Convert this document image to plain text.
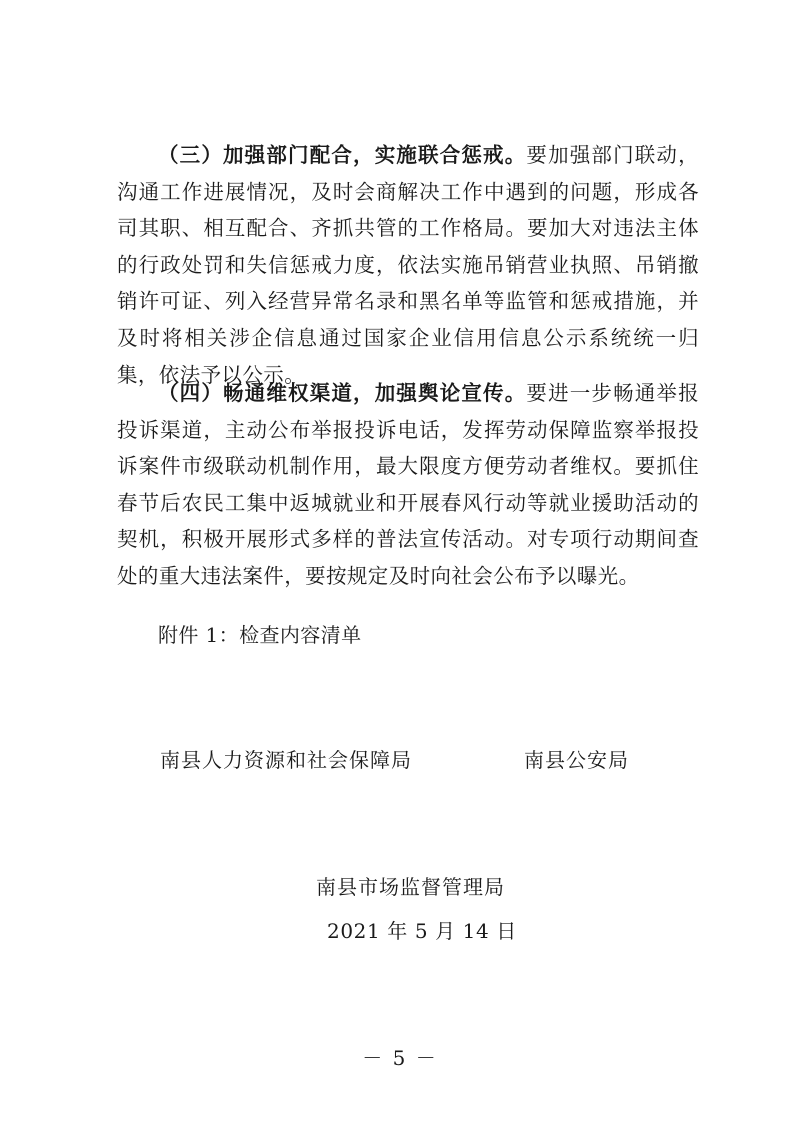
（三）加强部门配合，实施联合惩戒。要加强部门联动，沟通工作进展情况，及时会商解决工作中遇到的问题，形成各司其职、相互配合、齐抓共管的工作格局。要加大对违法主体的行政处罚和失信惩戒力度，依法实施吊销营业执照、吊销撤销许可证、列入经营异常名录和黑名单等监管和惩戒措施，并及时将相关涉企信息通过国家企业信用信息公示系统统一归集，依法予以公示。

（四）畅通维权渠道，加强舆论宣传。要进一步畅通举报投诉渠道，主动公布举报投诉电话，发挥劳动保障监察举报投诉案件市级联动机制作用，最大限度方便劳动者维权。要抓住春节后农民工集中返城就业和开展春风行动等就业援助活动的契机，积极开展形式多样的普法宣传活动。对专项行动期间查处的重大违法案件，要按规定及时向社会公布予以曝光。

附件 1：检查内容清单

南县人力资源和社会保障局	南县公安局

南县市场监督管理局

2021 年 5 月 14 日

－ 5 －
